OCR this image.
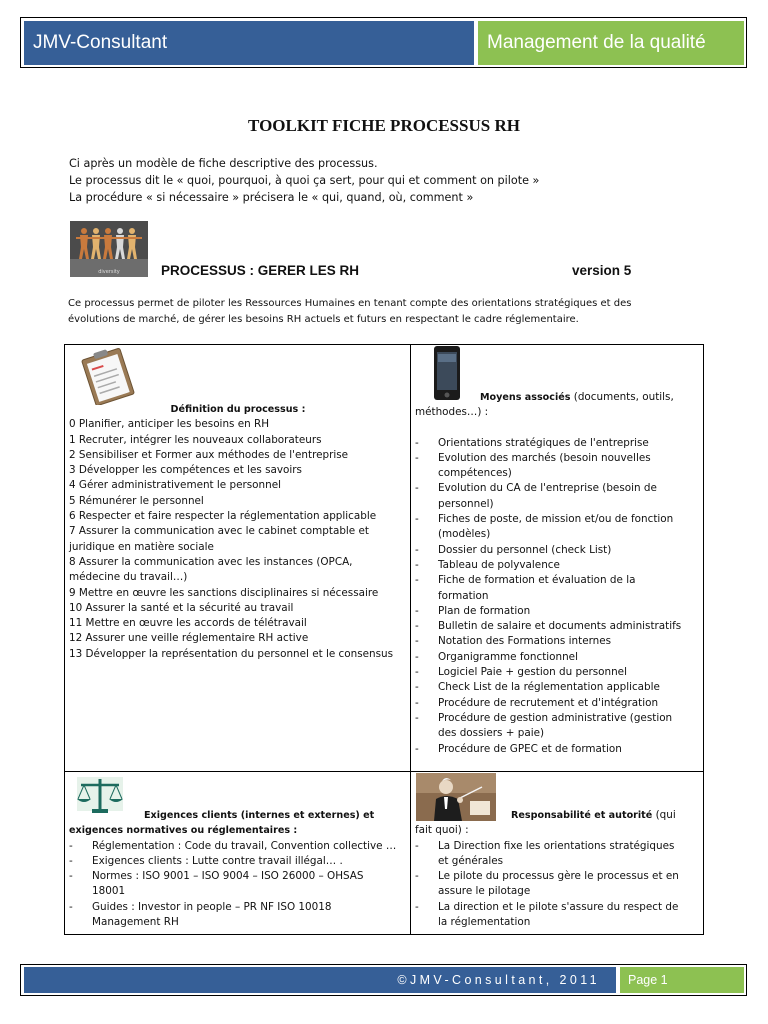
JMV-Consultant	Management de la qualité
TOOLKIT FICHE PROCESSUS RH
Ci après un modèle de fiche descriptive des processus.
Le processus dit le « quoi, pourquoi, à quoi ça sert, pour qui et comment on pilote »
La procédure « si nécessaire » précisera le « qui, quand, où, comment »
diversity	PROCESSUS : GERER LES RH	version 5
Ce processus permet de piloter les Ressources Humaines en tenant compte des orientations stratégiques et des
évolutions de marché, de gérer les besoins RH actuels et futurs en respectant le cadre réglementaire.
Définition du processus :
0 Planifier, anticiper les besoins en RH
1 Recruter, intégrer les nouveaux collaborateurs
2 Sensibiliser et Former aux méthodes de l'entreprise
3 Développer les compétences et les savoirs
4 Gérer administrativement le personnel
5 Rémunérer le personnel
6 Respecter et faire respecter la réglementation applicable
7 Assurer la communication avec le cabinet comptable et
juridique en matière sociale
8 Assurer la communication avec les instances (OPCA,
médecine du travail…)
9 Mettre en œuvre les sanctions disciplinaires si nécessaire
10 Assurer la santé et la sécurité au travail
11 Mettre en œuvre les accords de télétravail
12 Assurer une veille réglementaire RH active
13 Développer la représentation du personnel et le consensus
Moyens associés (documents, outils,
méthodes…) :
- Orientations stratégiques de l'entreprise
- Evolution des marchés (besoin nouvelles
compétences)
- Evolution du CA de l'entreprise (besoin de
personnel)
- Fiches de poste, de mission et/ou de fonction
(modèles)
- Dossier du personnel (check List)
- Tableau de polyvalence
- Fiche de formation et évaluation de la
formation
- Plan de formation
- Bulletin de salaire et documents administratifs
- Notation des Formations internes
- Organigramme fonctionnel
- Logiciel Paie + gestion du personnel
- Check List de la réglementation applicable
- Procédure de recrutement et d'intégration
- Procédure de gestion administrative (gestion
des dossiers + paie)
- Procédure de GPEC et de formation
Exigences clients (internes et externes) et
exigences normatives ou réglementaires :
- Réglementation : Code du travail, Convention collective …
- Exigences clients : Lutte contre travail illégal… .
- Normes : ISO 9001 – ISO 9004 – ISO 26000 – OHSAS
18001
- Guides : Investor in people – PR NF ISO 10018
Management RH
Responsabilité et autorité (qui
fait quoi) :
- La Direction fixe les orientations stratégiques
et générales
- Le pilote du processus gère le processus et en
assure le pilotage
- La direction et le pilote s'assure du respect de
la réglementation
©JMV-Consultant, 2011	Page 1
